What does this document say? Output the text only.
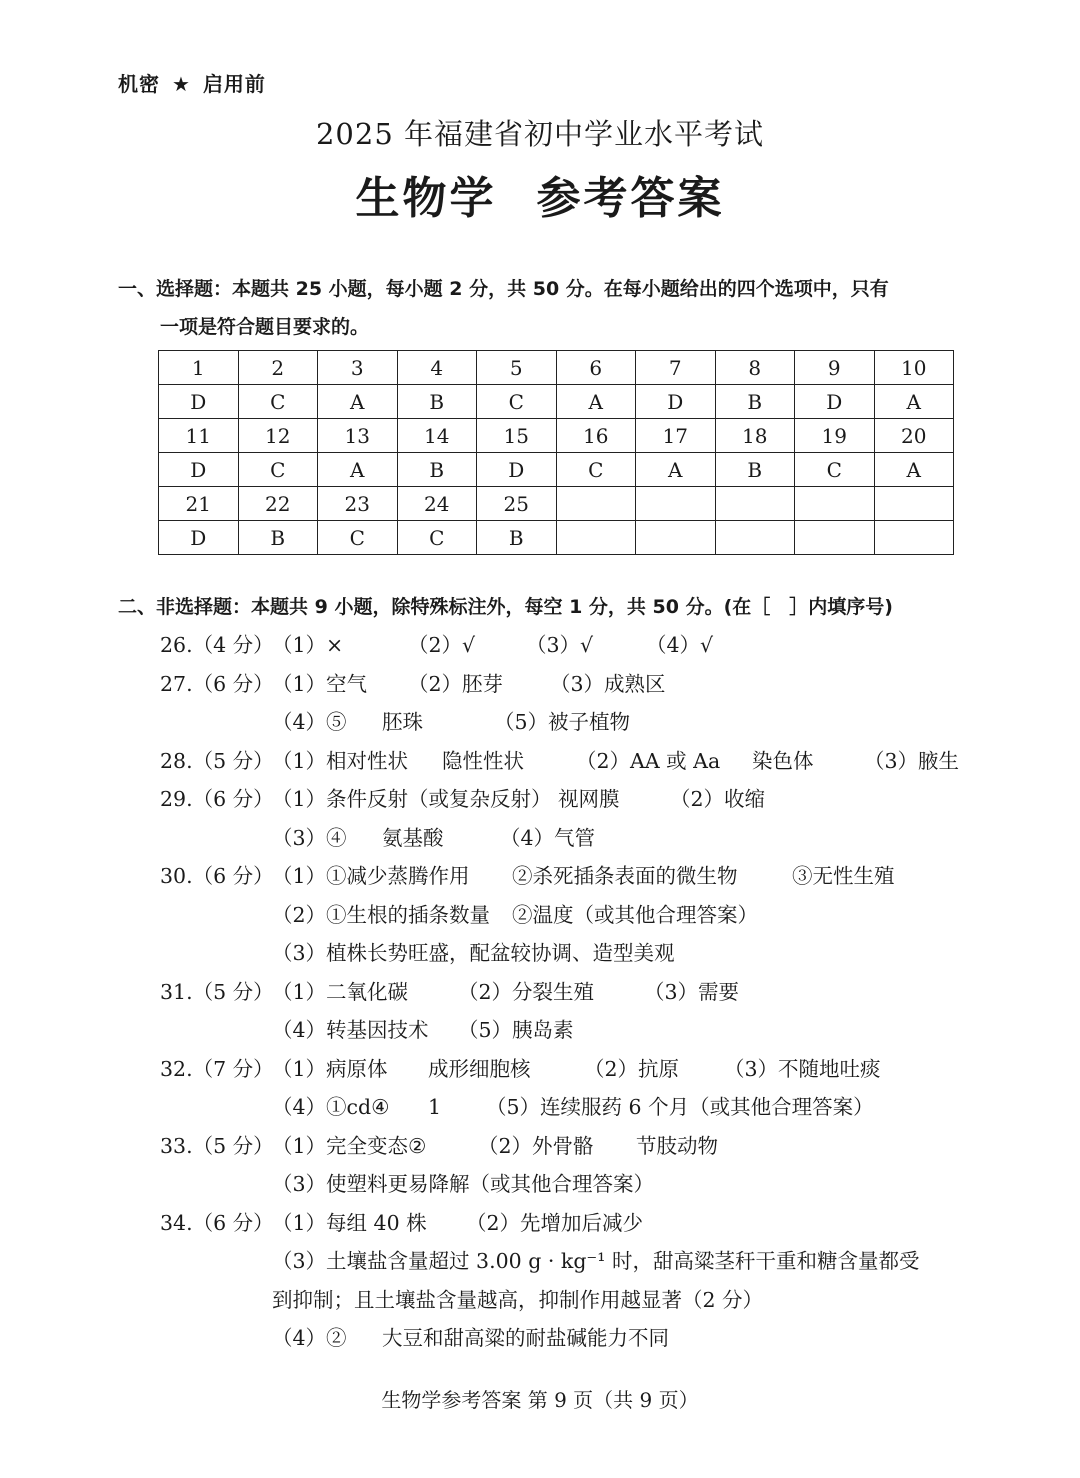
机密 ★ 启用前
2025 年福建省初中学业水平考试
生物学 参考答案
一、选择题：本题共 25 小题，每小题 2 分，共 50 分。在每小题给出的四个选项中，只有
一项是符合题目要求的。
1	2	3	4	5	6	7	8	9	10
D	C	A	B	C	A	D	B	D	A
11	12	13	14	15	16	17	18	19	20
D	C	A	B	D	C	A	B	C	A
21	22	23	24	25					
D	B	C	C	B					
二、非选择题：本题共 9 小题，除特殊标注外，每空 1 分，共 50 分。(在［　］内填序号)
26.（4 分）（1）×	（2）√ （3）√	（4）√
27.（6 分）（1）空气 （2）胚芽 （3）成熟区
（4）⑤ 胚珠	（5）被子植物
28.（5 分）（1）相对性状 隐性性状	（2）AA 或 Aa 染色体 （3）腋生
29.（6 分）（1）条件反射（或复杂反射） 视网膜 （2）收缩
（3）④ 氨基酸	（4）气管
30.（6 分）（1）①减少蒸腾作用 ②杀死插条表面的微生物	③无性生殖
（2）①生根的插条数量 ②温度（或其他合理答案）
（3）植株长势旺盛，配盆较协调、造型美观
31.（5 分）（1）二氧化碳 （2）分裂生殖 （3）需要
（4）转基因技术 （5）胰岛素
32.（7 分）（1）病原体 成形细胞核	（2）抗原 （3）不随地吐痰
（4）①cd④ 1 （5）连续服药 6 个月（或其他合理答案）
33.（5 分）（1）完全变态②	（2）外骨骼 节肢动物
（3）使塑料更易降解（或其他合理答案）
34.（6 分）（1）每组 40 株 （2）先增加后减少
（3）土壤盐含量超过 3.00 g · kg⁻¹ 时，甜高粱茎秆干重和糖含量都受到抑制；且土壤盐含量越高，抑制作用越显著（2 分）
（4）② 大豆和甜高粱的耐盐碱能力不同
生物学参考答案 第 9 页（共 9 页）
